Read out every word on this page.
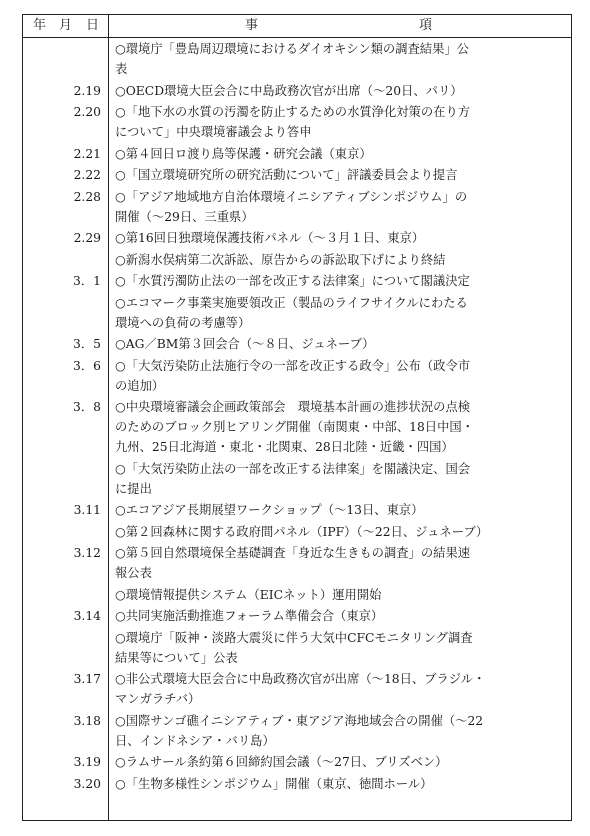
年 月 日	事	項
○環境庁「豊島周辺環境におけるダイオキシン類の調査結果」公
表
2.19 ○OECD環境大臣会合に中島政務次官が出席（～20日、パリ）
2.20 ○「地下水の水質の汚濁を防止するための水質浄化対策の在り方
について」中央環境審議会より答申
2.21 ○第４回日ロ渡り鳥等保護・研究会議（東京）
2.22 ○「国立環境研究所の研究活動について」評議委員会より提言
2.28 ○「アジア地域地方自治体環境イニシアティブシンポジウム」の
開催（～29日、三重県）
2.29 ○第16回日独環境保護技術パネル（～３月１日、東京）
○新潟水俣病第二次訴訟、原告からの訴訟取下げにより終結
3．1 ○「水質汚濁防止法の一部を改正する法律案」について閣議決定
○エコマーク事業実施要領改正（製品のライフサイクルにわたる
環境への負荷の考慮等）
3．5 ○AG／BM第３回会合（～８日、ジュネーブ）
3．6 ○「大気汚染防止法施行令の一部を改正する政令」公布（政令市
の追加）
3．8 ○中央環境審議会企画政策部会　環境基本計画の進捗状況の点検
のためのブロック別ヒアリング開催（南関東・中部、18日中国・
九州、25日北海道・東北・北関東、28日北陸・近畿・四国）
○「大気汚染防止法の一部を改正する法律案」を閣議決定、国会
に提出
3.11 ○エコアジア長期展望ワークショップ（～13日、東京）
○第２回森林に関する政府間パネル（IPF）（～22日、ジュネーブ）
3.12 ○第５回自然環境保全基礎調査「身近な生きもの調査」の結果速
報公表
○環境情報提供システム（EICネット）運用開始
3.14 ○共同実施活動推進フォーラム準備会合（東京）
○環境庁「阪神・淡路大震災に伴う大気中CFCモニタリング調査
結果等について」公表
3.17 ○非公式環境大臣会合に中島政務次官が出席（～18日、ブラジル・
マンガラチバ）
3.18 ○国際サンゴ礁イニシアティブ・東アジア海地域会合の開催（～22
日、インドネシア・バリ島）
3.19 ○ラムサール条約第６回締約国会議（～27日、ブリズベン）
3.20 ○「生物多様性シンポジウム」開催（東京、徳間ホール）
